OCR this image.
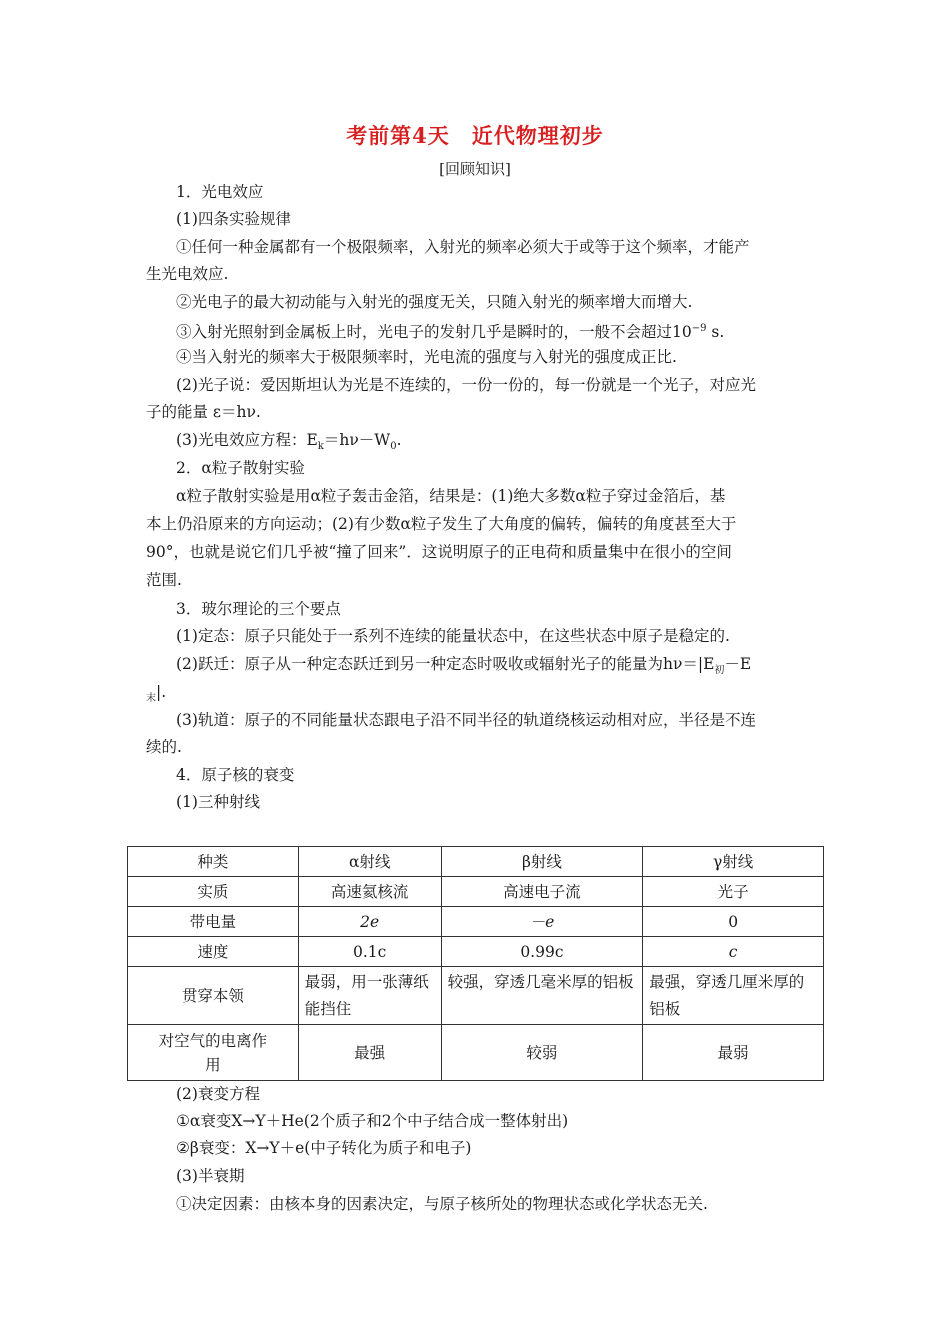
考前第4天　近代物理初步
[回顾知识]
1．光电效应
(1)四条实验规律
①任何一种金属都有一个极限频率，入射光的频率必须大于或等于这个频率，才能产
生光电效应.
②光电子的最大初动能与入射光的强度无关，只随入射光的频率增大而增大.
③入射光照射到金属板上时，光电子的发射几乎是瞬时的，一般不会超过$10^{-9}$ s.
④当入射光的频率大于极限频率时，光电流的强度与入射光的强度成正比.
(2)光子说：爱因斯坦认为光是不连续的，一份一份的，每一份就是一个光子，对应光
子的能量 ε＝hν.
(3)光电效应方程：$E_k=h\nu-W_0$.
2．α粒子散射实验
α粒子散射实验是用α粒子轰击金箔，结果是：(1)绝大多数α粒子穿过金箔后，基
本上仍沿原来的方向运动；(2)有少数α粒子发生了大角度的偏转，偏转的角度甚至大于
90°，也就是说它们几乎被“撞了回来”．这说明原子的正电荷和质量集中在很小的空间
范围.
3．玻尔理论的三个要点
(1)定态：原子只能处于一系列不连续的能量状态中，在这些状态中原子是稳定的.
(2)跃迁：原子从一种定态跃迁到另一种定态时吸收或辐射光子的能量为$h\nu=|E_初-E$
$_末$|.
(3)轨道：原子的不同能量状态跟电子沿不同半径的轨道绕核运动相对应，半径是不连
续的.
4．原子核的衰变
(1)三种射线
种类	α射线	β射线	γ射线
实质	高速氦核流	高速电子流	光子
带电量	2e	－e	0
速度	0.1c	0.99c	c
贯穿本领	最弱，用一张薄纸能挡住	较强，穿透几毫米厚的铝板	最强，穿透几厘米厚的铝板
对空气的电离作用	最强	较弱	最弱
(2)衰变方程
①α衰变X→Y＋He(2个质子和2个中子结合成一整体射出)
②β衰变：X→Y＋e(中子转化为质子和电子)
(3)半衰期
①决定因素：由核本身的因素决定，与原子核所处的物理状态或化学状态无关.
